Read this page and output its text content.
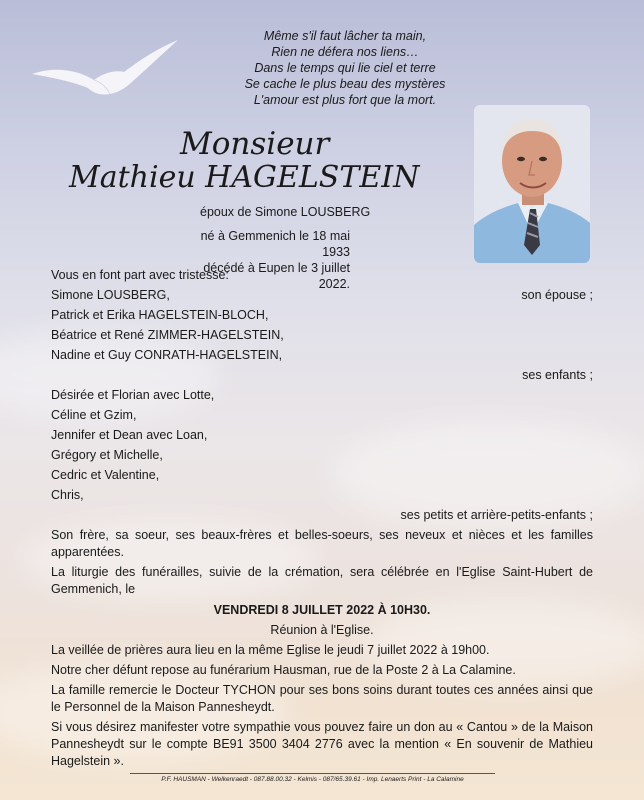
Même s'il faut lâcher ta main,
Rien ne défera nos liens…
Dans le temps qui lie ciel et terre
Se cache le plus beau des mystères
L'amour est plus fort que la mort.
Monsieur
Mathieu HAGELSTEIN
époux de Simone LOUSBERG
né à Gemmenich le 18 mai 1933
décédé à Eupen le 3 juillet 2022.
Vous en font part avec tristesse:
Simone LOUSBERG,	son épouse ;
Patrick et Erika HAGELSTEIN-BLOCH,
Béatrice et René ZIMMER-HAGELSTEIN,
Nadine et Guy CONRATH-HAGELSTEIN,
ses enfants ;
Désirée et Florian avec Lotte,
Céline et Gzim,
Jennifer et Dean avec Loan,
Grégory et Michelle,
Cedric et Valentine,
Chris,
ses petits et arrière-petits-enfants ;
Son frère, sa soeur, ses beaux-frères et belles-soeurs, ses neveux et nièces et les familles apparentées.
La liturgie des funérailles, suivie de la crémation, sera célébrée en l'Eglise Saint-Hubert de Gemmenich, le
VENDREDI 8 JUILLET 2022 À 10H30.
Réunion à l'Eglise.
La veillée de prières aura lieu en la même Eglise le jeudi 7 juillet 2022 à 19h00.
Notre cher défunt repose au funérarium Hausman, rue de la Poste 2 à La Calamine.
La famille remercie le Docteur TYCHON pour ses bons soins durant toutes ces années ainsi que le Personnel de la Maison Pannesheydt.
Si vous désirez manifester votre sympathie vous pouvez faire un don au « Cantou » de la Maison Pannesheydt sur le compte BE91 3500 3404 2776 avec la mention « En souvenir de Mathieu Hagelstein ».
P.F. HAUSMAN - Welkenraedt - 087.88.00.32 - Kelmis - 087/65.39.61 - Imp. Lenaerts Print - La Calamine
